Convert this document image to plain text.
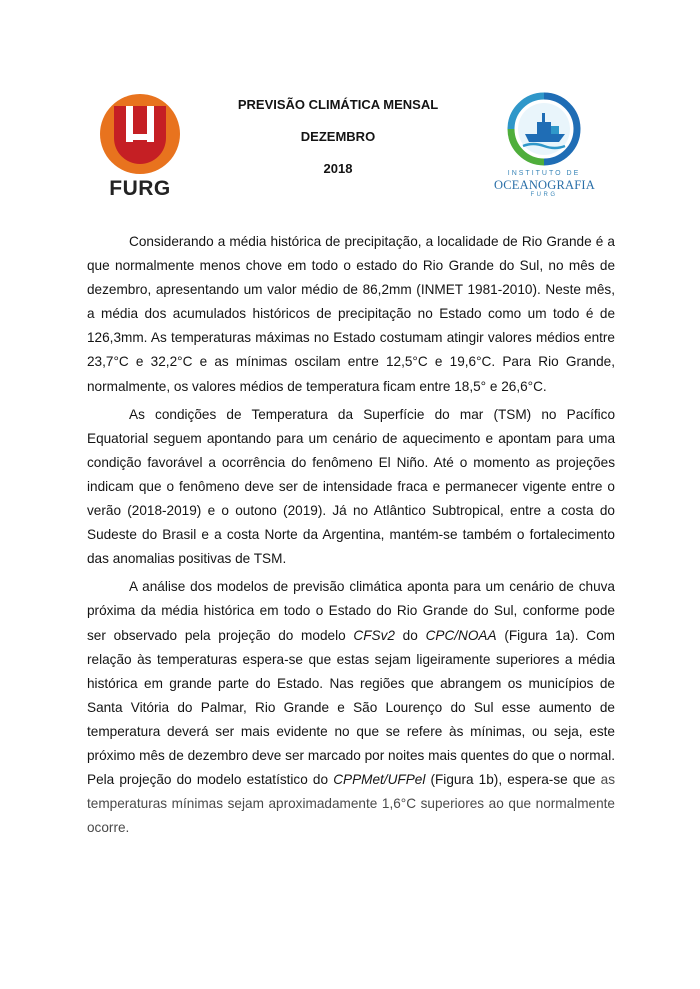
FURG
PREVISÃO CLIMÁTICA MENSAL
DEZEMBRO
2018	INSTITUTO DE
OCEANOGRAFIA
FURG

Considerando a média histórica de precipitação, a localidade de Rio Grande é a que normalmente menos chove em todo o estado do Rio Grande do Sul, no mês de dezembro, apresentando um valor médio de 86,2mm (INMET 1981-2010). Neste mês, a média dos acumulados históricos de precipitação no Estado como um todo é de 126,3mm. As temperaturas máximas no Estado costumam atingir valores médios entre 23,7°C e 32,2°C e as mínimas oscilam entre 12,5°C e 19,6°C. Para Rio Grande, normalmente, os valores médios de temperatura ficam entre 18,5° e 26,6°C.

As condições de Temperatura da Superfície do mar (TSM) no Pacífico Equatorial seguem apontando para um cenário de aquecimento e apontam para uma condição favorável a ocorrência do fenômeno El Niño. Até o momento as projeções indicam que o fenômeno deve ser de intensidade fraca e permanecer vigente entre o verão (2018-2019) e o outono (2019). Já no Atlântico Subtropical, entre a costa do Sudeste do Brasil e a costa Norte da Argentina, mantém-se também o fortalecimento das anomalias positivas de TSM.

A análise dos modelos de previsão climática aponta para um cenário de chuva próxima da média histórica em todo o Estado do Rio Grande do Sul, conforme pode ser observado pela projeção do modelo CFSv2 do CPC/NOAA (Figura 1a). Com relação às temperaturas espera-se que estas sejam ligeiramente superiores a média histórica em grande parte do Estado. Nas regiões que abrangem os municípios de Santa Vitória do Palmar, Rio Grande e São Lourenço do Sul esse aumento de temperatura deverá ser mais evidente no que se refere às mínimas, ou seja, este próximo mês de dezembro deve ser marcado por noites mais quentes do que o normal. Pela projeção do modelo estatístico do CPPMet/UFPel (Figura 1b), espera-se que as temperaturas mínimas sejam aproximadamente 1,6°C superiores ao que normalmente ocorre.
